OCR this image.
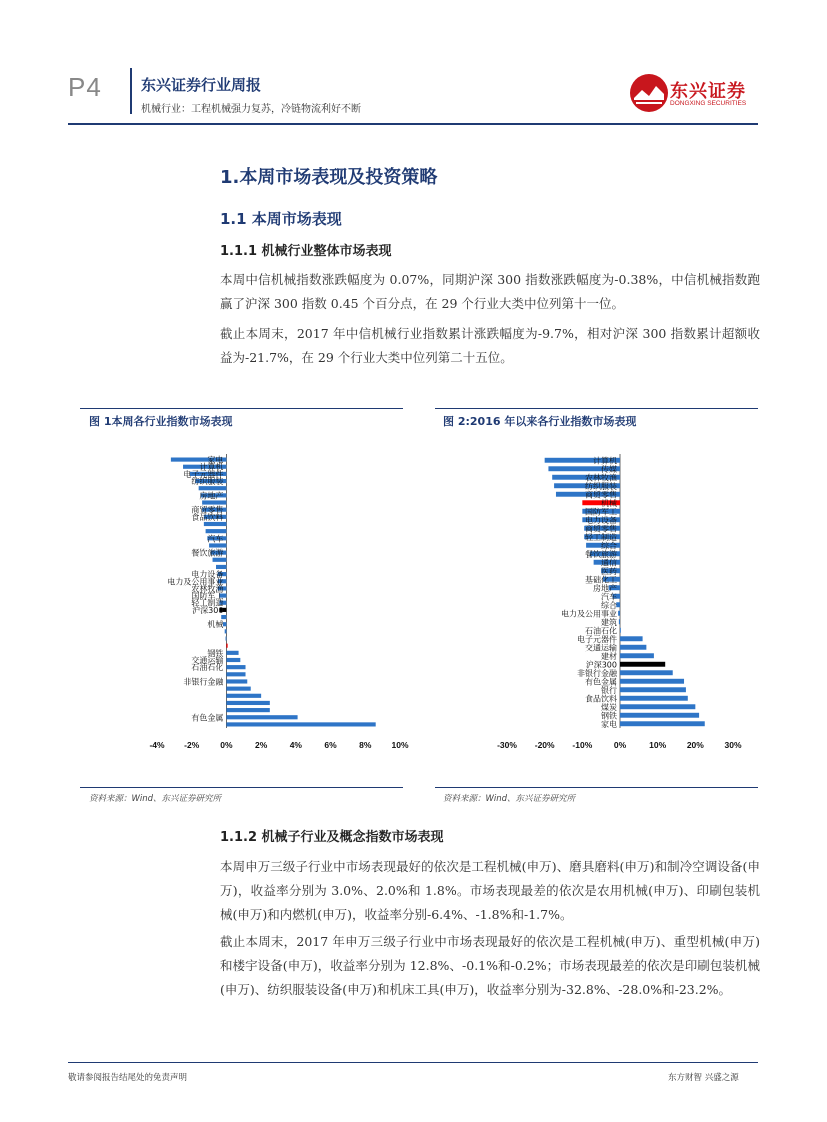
P4	东兴证券行业周报
机械行业：工程机械强力复苏，冷链物流利好不断
东兴证券
DONGXING SECURITIES
1.本周市场表现及投资策略
1.1 本周市场表现
1.1.1 机械行业整体市场表现
本周中信机械指数涨跌幅度为 0.07%，同期沪深 300 指数涨跌幅度为-0.38%，中信机械指数跑赢了沪深 300 指数 0.45 个百分点，在 29 个行业大类中位列第十一位。
截止本周末，2017 年中信机械行业指数累计涨跌幅度为-9.7%，相对沪深 300 指数累计超额收益为-21.7%，在 29 个行业大类中位列第二十五位。
图 1本周各行业指数市场表现
家电
计算机
电子元器件
纺织服装
房地产
商贸零售
食品饮料
汽车
餐饮旅游
电力设备
电力及公用事业
农林牧渔
国防军工
轻工制造
沪深300
机械
钢铁
交通运输
石油石化
非银行金融
有色金属
-4% -2% 0%	2%	4%	6%	8% 10%
资料来源：Wind、东兴证券研究所
图 2:2016 年以来各行业指数市场表现
计算机
传媒
农林牧渔
纺织服装
商贸零售
机械
国防军工
电力设备
商贸零售
轻工制造
综合
餐饮旅游
通信
医药
基础化工
房地产
汽车
综合
电力及公用事业
建筑
石油石化
电子元器件
交通运输
建材
沪深300
非银行金融
有色金属
银行
食品饮料
煤炭
钢铁
家电
-30% -20% -10%	0%	10% 20% 30%
资料来源：Wind、东兴证券研究所
1.1.2 机械子行业及概念指数市场表现
本周申万三级子行业中市场表现最好的依次是工程机械(申万)、磨具磨料(申万)和制冷空调设备(申万)，收益率分别为 3.0%、2.0%和 1.8%。市场表现最差的依次是农用机械(申万)、印刷包装机械(申万)和内燃机(申万)，收益率分别-6.4%、-1.8%和-1.7%。
截止本周末，2017 年申万三级子行业中市场表现最好的依次是工程机械(申万)、重型机械(申万)和楼宇设备(申万)，收益率分别为 12.8%、-0.1%和-0.2%；市场表现最差的依次是印刷包装机械(申万)、纺织服装设备(申万)和机床工具(申万)，收益率分别为-32.8%、-28.0%和-23.2%。
敬请参阅报告结尾处的免责声明	东方财智 兴盛之源
